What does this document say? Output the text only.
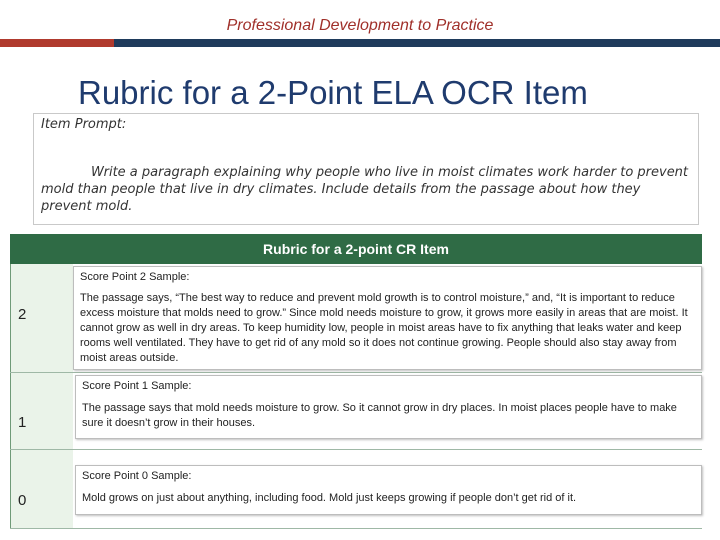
Professional Development to Practice
Rubric for a 2-Point ELA OCR Item
Item Prompt:
Write a paragraph explaining why people who live in moist climates work harder to prevent mold than people that live in dry climates. Include details from the passage about how they prevent mold.
Rubric for a 2-point CR Item
2
Score Point 2 Sample:
The passage says, “The best way to reduce and prevent mold growth is to control moisture,” and, “It is important to reduce excess moisture that molds need to grow.” Since mold needs moisture to grow, it grows more easily in areas that are moist. It cannot grow as well in dry areas. To keep humidity low, people in moist areas have to fix anything that leaks water and keep rooms well ventilated. They have to get rid of any mold so it does not continue growing. People should also stay away from moist areas outside.
1
Score Point 1 Sample:
The passage says that mold needs moisture to grow. So it cannot grow in dry places. In moist places people have to make sure it doesn’t grow in their houses.
0
Score Point 0 Sample:
Mold grows on just about anything, including food. Mold just keeps growing if people don’t get rid of it.
